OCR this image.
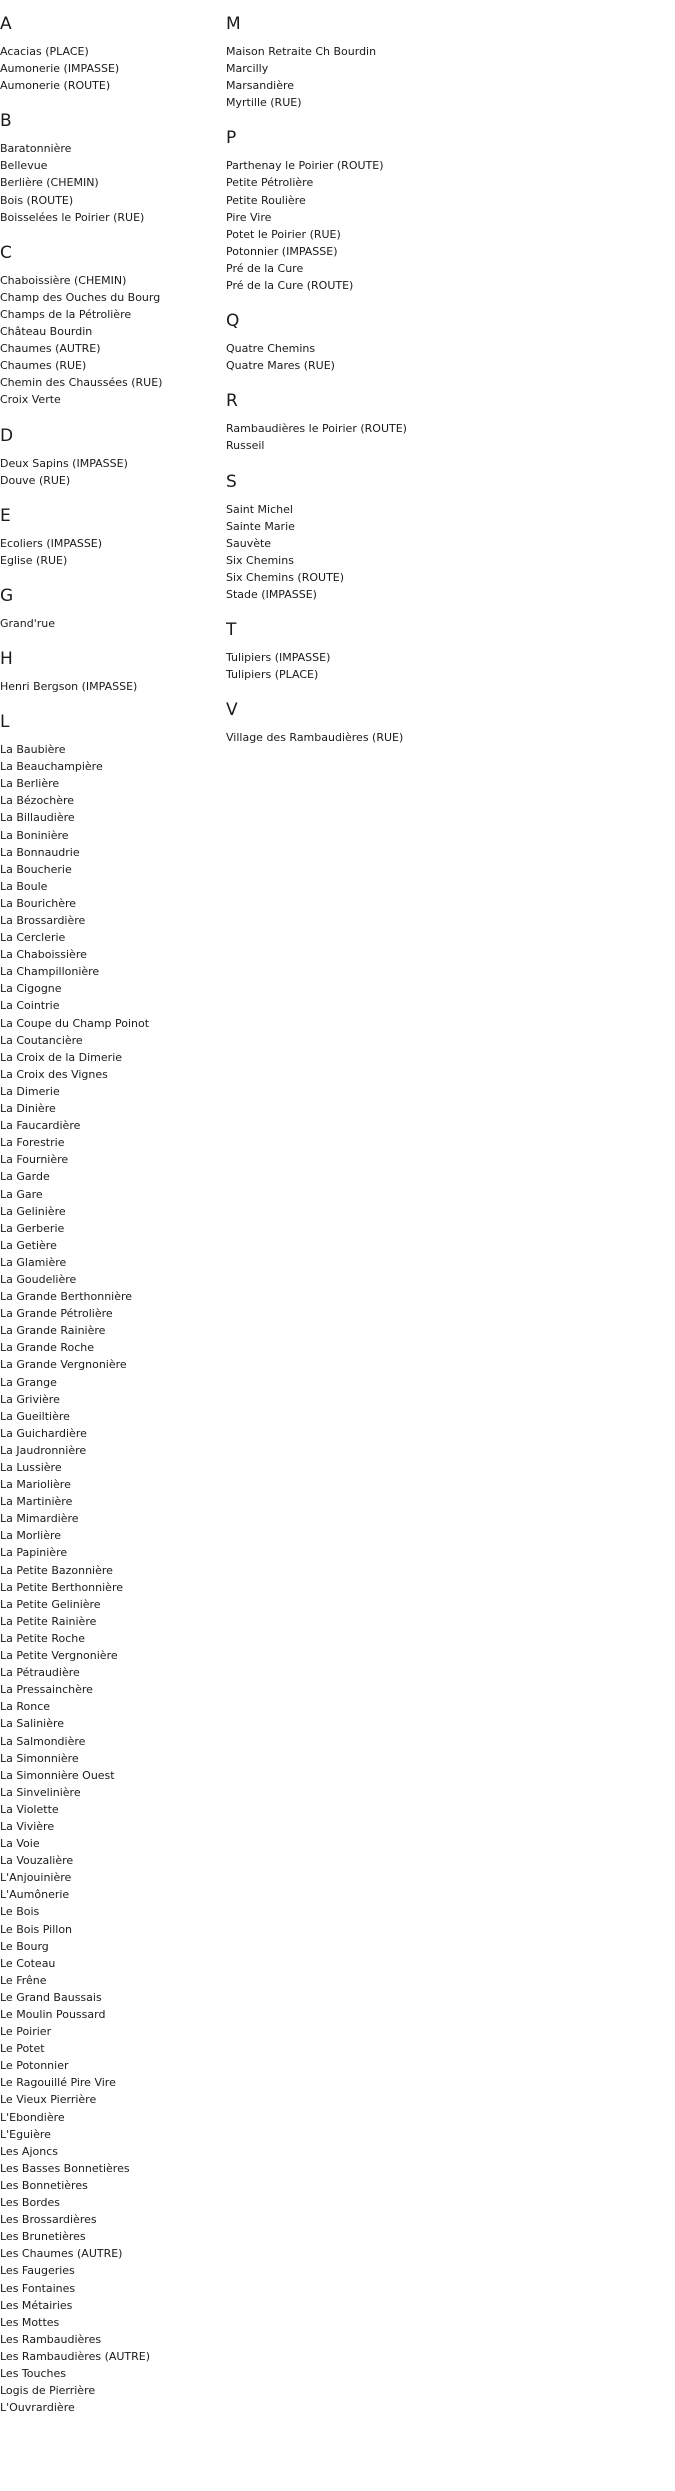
A
Acacias (PLACE)
Aumonerie (IMPASSE)
Aumonerie (ROUTE)
B
Baratonnière
Bellevue
Berlière (CHEMIN)
Bois (ROUTE)
Boisselées le Poirier (RUE)
C
Chaboissière (CHEMIN)
Champ des Ouches du Bourg
Champs de la Pétrolière
Château Bourdin
Chaumes (AUTRE)
Chaumes (RUE)
Chemin des Chaussées (RUE)
Croix Verte
D
Deux Sapins (IMPASSE)
Douve (RUE)
E
Ecoliers (IMPASSE)
Eglise (RUE)
G
Grand'rue
H
Henri Bergson (IMPASSE)
L
La Baubière
La Beauchampière
La Berlière
La Bézochère
La Billaudière
La Boninière
La Bonnaudrie
La Boucherie
La Boule
La Bourichère
La Brossardière
La Cerclerie
La Chaboissière
La Champillonière
La Cigogne
La Cointrie
La Coupe du Champ Poinot
La Coutancière
La Croix de la Dimerie
La Croix des Vignes
La Dimerie
La Dinière
La Faucardière
La Forestrie
La Fournière
La Garde
La Gare
La Gelinière
La Gerberie
La Getière
La Glamière
La Goudelière
La Grande Berthonnière
La Grande Pétrolière
La Grande Rainière
La Grande Roche
La Grande Vergnonière
La Grange
La Grivière
La Gueiltière
La Guichardière
La Jaudronnière
La Lussière
La Mariolière
La Martinière
La Mimardière
La Morlière
La Papinière
La Petite Bazonnière
La Petite Berthonnière
La Petite Gelinière
La Petite Rainière
La Petite Roche
La Petite Vergnonière
La Pétraudière
La Pressainchère
La Ronce
La Salinière
La Salmondière
La Simonnière
La Simonnière Ouest
La Sinvelinière
La Violette
La Vivière
La Voie
La Vouzalière
L'Anjouinière
L'Aumônerie
Le Bois
Le Bois Pillon
Le Bourg
Le Coteau
Le Frêne
Le Grand Baussais
Le Moulin Poussard
Le Poirier
Le Potet
Le Potonnier
Le Ragouillé Pire Vire
Le Vieux Pierrière
L'Ebondière
L'Eguière
Les Ajoncs
Les Basses Bonnetières
Les Bonnetières
Les Bordes
Les Brossardières
Les Brunetières
Les Chaumes (AUTRE)
Les Faugeries
Les Fontaines
Les Métairies
Les Mottes
Les Rambaudières
Les Rambaudières (AUTRE)
Les Touches
Logis de Pierrière
L'Ouvrardière
M
Maison Retraite Ch Bourdin
Marcilly
Marsandière
Myrtille (RUE)
P
Parthenay le Poirier (ROUTE)
Petite Pétrolière
Petite Roulière
Pire Vire
Potet le Poirier (RUE)
Potonnier (IMPASSE)
Pré de la Cure
Pré de la Cure (ROUTE)
Q
Quatre Chemins
Quatre Mares (RUE)
R
Rambaudières le Poirier (ROUTE)
Russeil
S
Saint Michel
Sainte Marie
Sauvète
Six Chemins
Six Chemins (ROUTE)
Stade (IMPASSE)
T
Tulipiers (IMPASSE)
Tulipiers (PLACE)
V
Village des Rambaudières (RUE)
